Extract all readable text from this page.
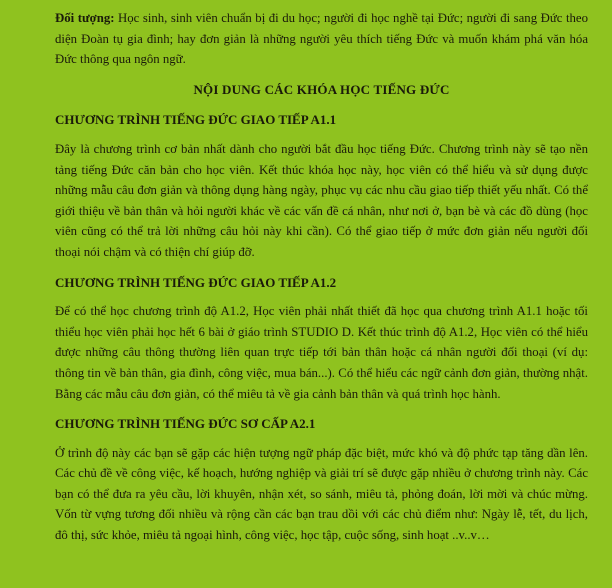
Đối tượng: Học sinh, sinh viên chuẩn bị đi du học; người đi học nghề tại Đức; người đi sang Đức theo diện Đoàn tụ gia đình; hay đơn giản là những người yêu thích tiếng Đức và muốn khám phá văn hóa Đức thông qua ngôn ngữ.

NỘI DUNG CÁC KHÓA HỌC TIẾNG ĐỨC
CHƯƠNG TRÌNH TIẾNG ĐỨC GIAO TIẾP A1.1

Đây là chương trình cơ bản nhất dành cho người bắt đầu học tiếng Đức. Chương trình này sẽ tạo nền tảng tiếng Đức căn bản cho học viên. Kết thúc khóa học này, học viên có thể hiểu và sử dụng được những mẫu câu đơn giản và thông dụng hàng ngày, phục vụ các nhu cầu giao tiếp thiết yếu nhất. Có thể giới thiệu về bản thân và hỏi người khác về các vấn đề cá nhân, như nơi ở, bạn bè và các đồ dùng (học viên cũng có thể trả lời những câu hỏi này khi cần). Có thể giao tiếp ở mức đơn giản nếu người đối thoại nói chậm và có thiện chí giúp đỡ.

CHƯƠNG TRÌNH TIẾNG ĐỨC GIAO TIẾP A1.2

Để có thể học chương trình độ A1.2, Học viên phải nhất thiết đã học qua chương trình A1.1 hoặc tối thiểu học viên phải học hết 6 bài ở giáo trình STUDIO D. Kết thúc trình độ A1.2, Học viên có thể hiểu được những câu thông thường liên quan trực tiếp tới bản thân hoặc cá nhân người đối thoại (ví dụ: thông tin về bản thân, gia đình, công việc, mua bán...). Có thể hiểu các ngữ cảnh đơn giản, thường nhật. Bằng các mẫu câu đơn giản, có thể miêu tả về gia cảnh bản thân và quá trình học hành.

CHƯƠNG TRÌNH TIẾNG ĐỨC SƠ CẤP A2.1

Ở trình độ này các bạn sẽ gặp các hiện tượng ngữ pháp đặc biệt, mức khó và độ phức tạp tăng dần lên. Các chủ đề về công việc, kế hoạch, hướng nghiệp và giải trí sẽ được gặp nhiều ở chương trình này. Các bạn có thể đưa ra yêu cầu, lời khuyên, nhận xét, so sánh, miêu tả, phỏng đoán, lời mời và chúc mừng. Vốn từ vựng tương đối nhiều và rộng cần các bạn trau dồi với các chủ điểm như: Ngày lễ, tết, du lịch, đô thị, sức khỏe, miêu tả ngoại hình, công việc, học tập, cuộc sống, sinh hoạt ..v..v…
